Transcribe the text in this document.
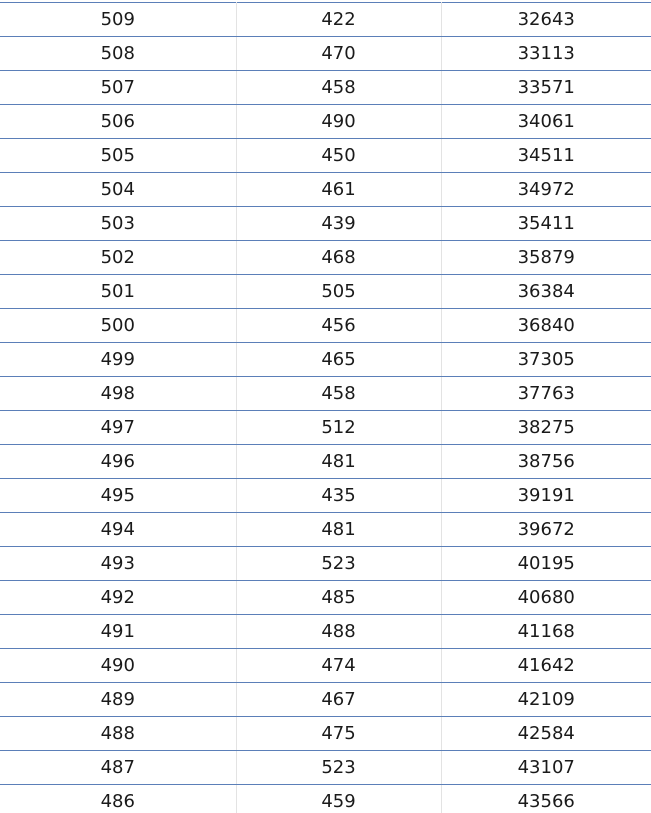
509	422	32643
508	470	33113
507	458	33571
506	490	34061
505	450	34511
504	461	34972
503	439	35411
502	468	35879
501	505	36384
500	456	36840
499	465	37305
498	458	37763
497	512	38275
496	481	38756
495	435	39191
494	481	39672
493	523	40195
492	485	40680
491	488	41168
490	474	41642
489	467	42109
488	475	42584
487	523	43107
486	459	43566
